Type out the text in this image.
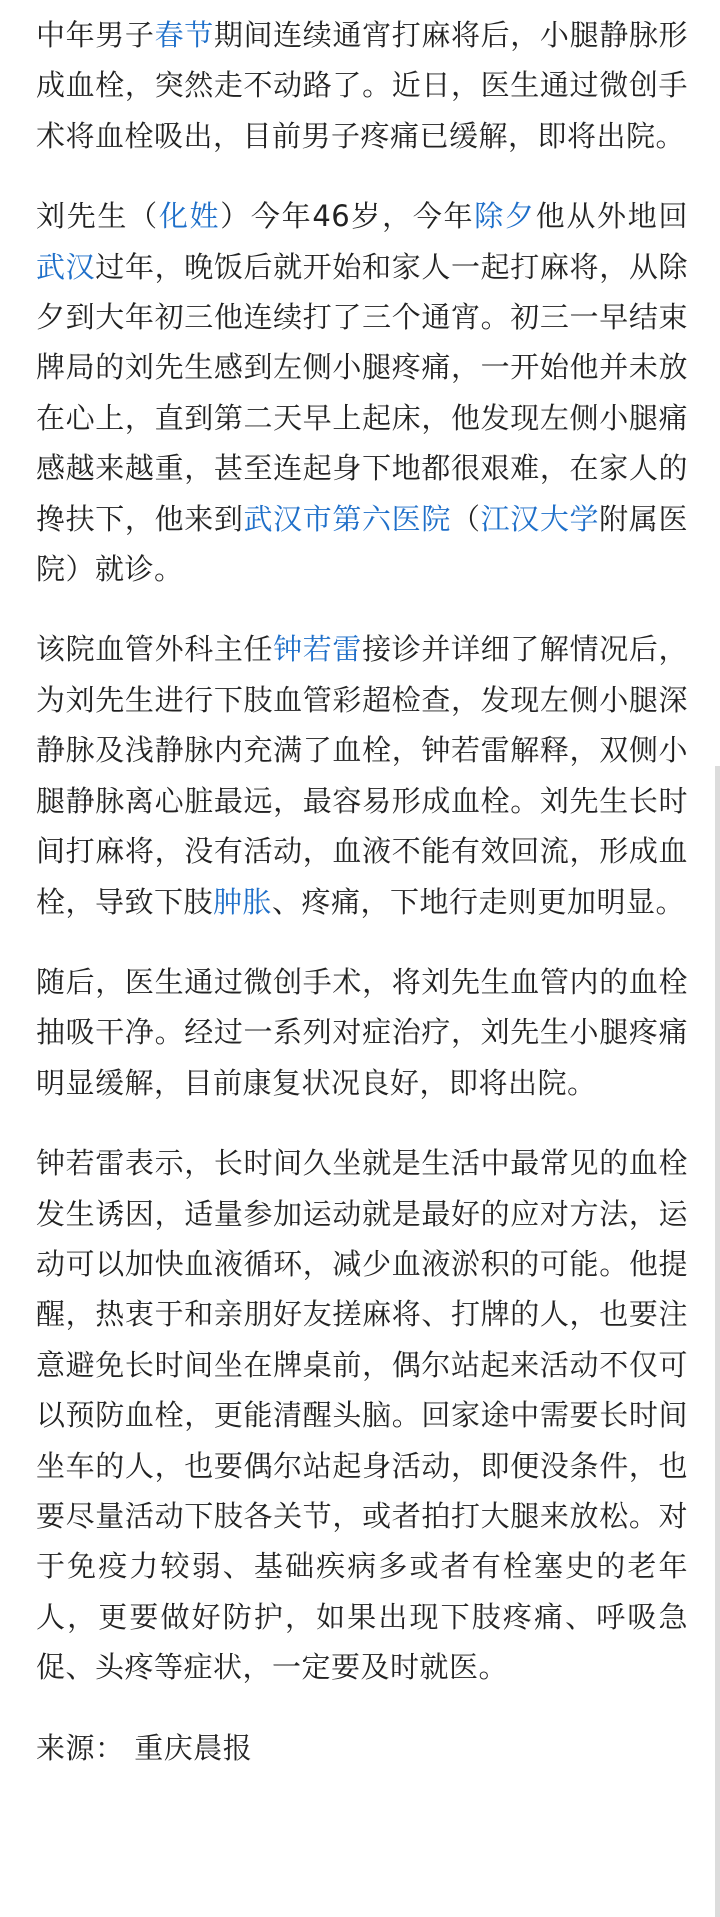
中年男子春节期间连续通宵打麻将后，小腿静脉形成血栓，突然走不动路了。近日，医生通过微创手术将血栓吸出，目前男子疼痛已缓解，即将出院。

刘先生（化姓）今年46岁，今年除夕他从外地回武汉过年，晚饭后就开始和家人一起打麻将，从除夕到大年初三他连续打了三个通宵。初三一早结束牌局的刘先生感到左侧小腿疼痛，一开始他并未放在心上，直到第二天早上起床，他发现左侧小腿痛感越来越重，甚至连起身下地都很艰难，在家人的搀扶下，他来到武汉市第六医院（江汉大学附属医院）就诊。

该院血管外科主任钟若雷接诊并详细了解情况后，为刘先生进行下肢血管彩超检查，发现左侧小腿深静脉及浅静脉内充满了血栓，钟若雷解释，双侧小腿静脉离心脏最远，最容易形成血栓。刘先生长时间打麻将，没有活动，血液不能有效回流，形成血栓，导致下肢肿胀、疼痛，下地行走则更加明显。

随后，医生通过微创手术，将刘先生血管内的血栓抽吸干净。经过一系列对症治疗，刘先生小腿疼痛明显缓解，目前康复状况良好，即将出院。

钟若雷表示，长时间久坐就是生活中最常见的血栓发生诱因，适量参加运动就是最好的应对方法，运动可以加快血液循环，减少血液淤积的可能。他提醒，热衷于和亲朋好友搓麻将、打牌的人，也要注意避免长时间坐在牌桌前，偶尔站起来活动不仅可以预防血栓，更能清醒头脑。回家途中需要长时间坐车的人，也要偶尔站起身活动，即便没条件，也要尽量活动下肢各关节，或者拍打大腿来放松。对于免疫力较弱、基础疾病多或者有栓塞史的老年人，更要做好防护，如果出现下肢疼痛、呼吸急促、头疼等症状，一定要及时就医。

来源： 重庆晨报
